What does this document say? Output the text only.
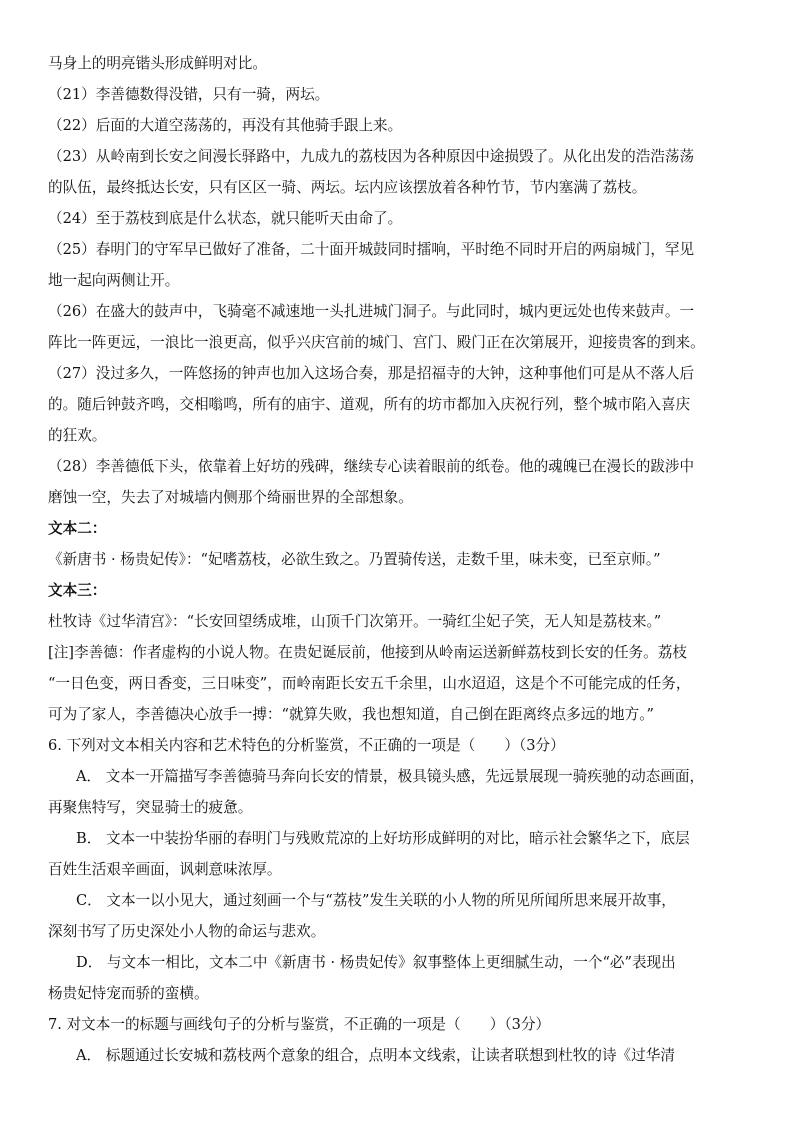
马身上的明亮锴头形成鲜明对比。
（21）李善德数得没错，只有一骑，两坛。
（22）后面的大道空荡荡的，再没有其他骑手跟上来。
（23）从岭南到长安之间漫长驿路中，九成九的荔枝因为各种原因中途损毁了。从化出发的浩浩荡荡
的队伍，最终抵达长安，只有区区一骑、两坛。坛内应该摆放着各种竹节，节内塞满了荔枝。
（24）至于荔枝到底是什么状态，就只能听天由命了。
（25）春明门的守军早已做好了准备，二十面开城鼓同时擂响，平时绝不同时开启的两扇城门，罕见
地一起向两侧让开。
（26）在盛大的鼓声中，飞骑毫不减速地一头扎进城门洞子。与此同时，城内更远处也传来鼓声。一
阵比一阵更远，一浪比一浪更高，似乎兴庆宫前的城门、宫门、殿门正在次第展开，迎接贵客的到来。
（27）没过多久，一阵悠扬的钟声也加入这场合奏，那是招福寺的大钟，这种事他们可是从不落人后
的。随后钟鼓齐鸣，交相嗡鸣，所有的庙宇、道观，所有的坊市都加入庆祝行列，整个城市陷入喜庆
的狂欢。
（28）李善德低下头，依靠着上好坊的残碑，继续专心读着眼前的纸卷。他的魂魄已在漫长的跋涉中
磨蚀一空，失去了对城墙内侧那个绮丽世界的全部想象。
文本二：
《新唐书 · 杨贵妃传》：“妃嗜荔枝，必欲生致之。乃置骑传送，走数千里，味未变，已至京师。”
文本三：
杜牧诗《过华清宫》：“长安回望绣成堆，山顶千门次第开。一骑红尘妃子笑，无人知是荔枝来。”
[注]李善德：作者虚构的小说人物。在贵妃诞辰前，他接到从岭南运送新鲜荔枝到长安的任务。荔枝
“一日色变，两日香变，三日味变”，而岭南距长安五千余里，山水迢迢，这是个不可能完成的任务，
可为了家人，李善德决心放手一搏：“就算失败，我也想知道，自己倒在距离终点多远的地方。”
6. 下列对文本相关内容和艺术特色的分析鉴赏，不正确的一项是（　　）（3分）
A． 文本一开篇描写李善德骑马奔向长安的情景，极具镜头感，先远景展现一骑疾驰的动态画面，
再聚焦特写，突显骑士的疲惫。
B． 文本一中装扮华丽的春明门与残败荒凉的上好坊形成鲜明的对比，暗示社会繁华之下，底层
百姓生活艰辛画面，讽刺意味浓厚。
C． 文本一以小见大，通过刻画一个与“荔枝”发生关联的小人物的所见所闻所思来展开故事，
深刻书写了历史深处小人物的命运与悲欢。
D． 与文本一相比，文本二中《新唐书 · 杨贵妃传》叙事整体上更细腻生动，一个“必”表现出
杨贵妃恃宠而骄的蛮横。
7. 对文本一的标题与画线句子的分析与鉴赏，不正确的一项是（　　）（3分）
A． 标题通过长安城和荔枝两个意象的组合，点明本文线索，让读者联想到杜牧的诗《过华清
